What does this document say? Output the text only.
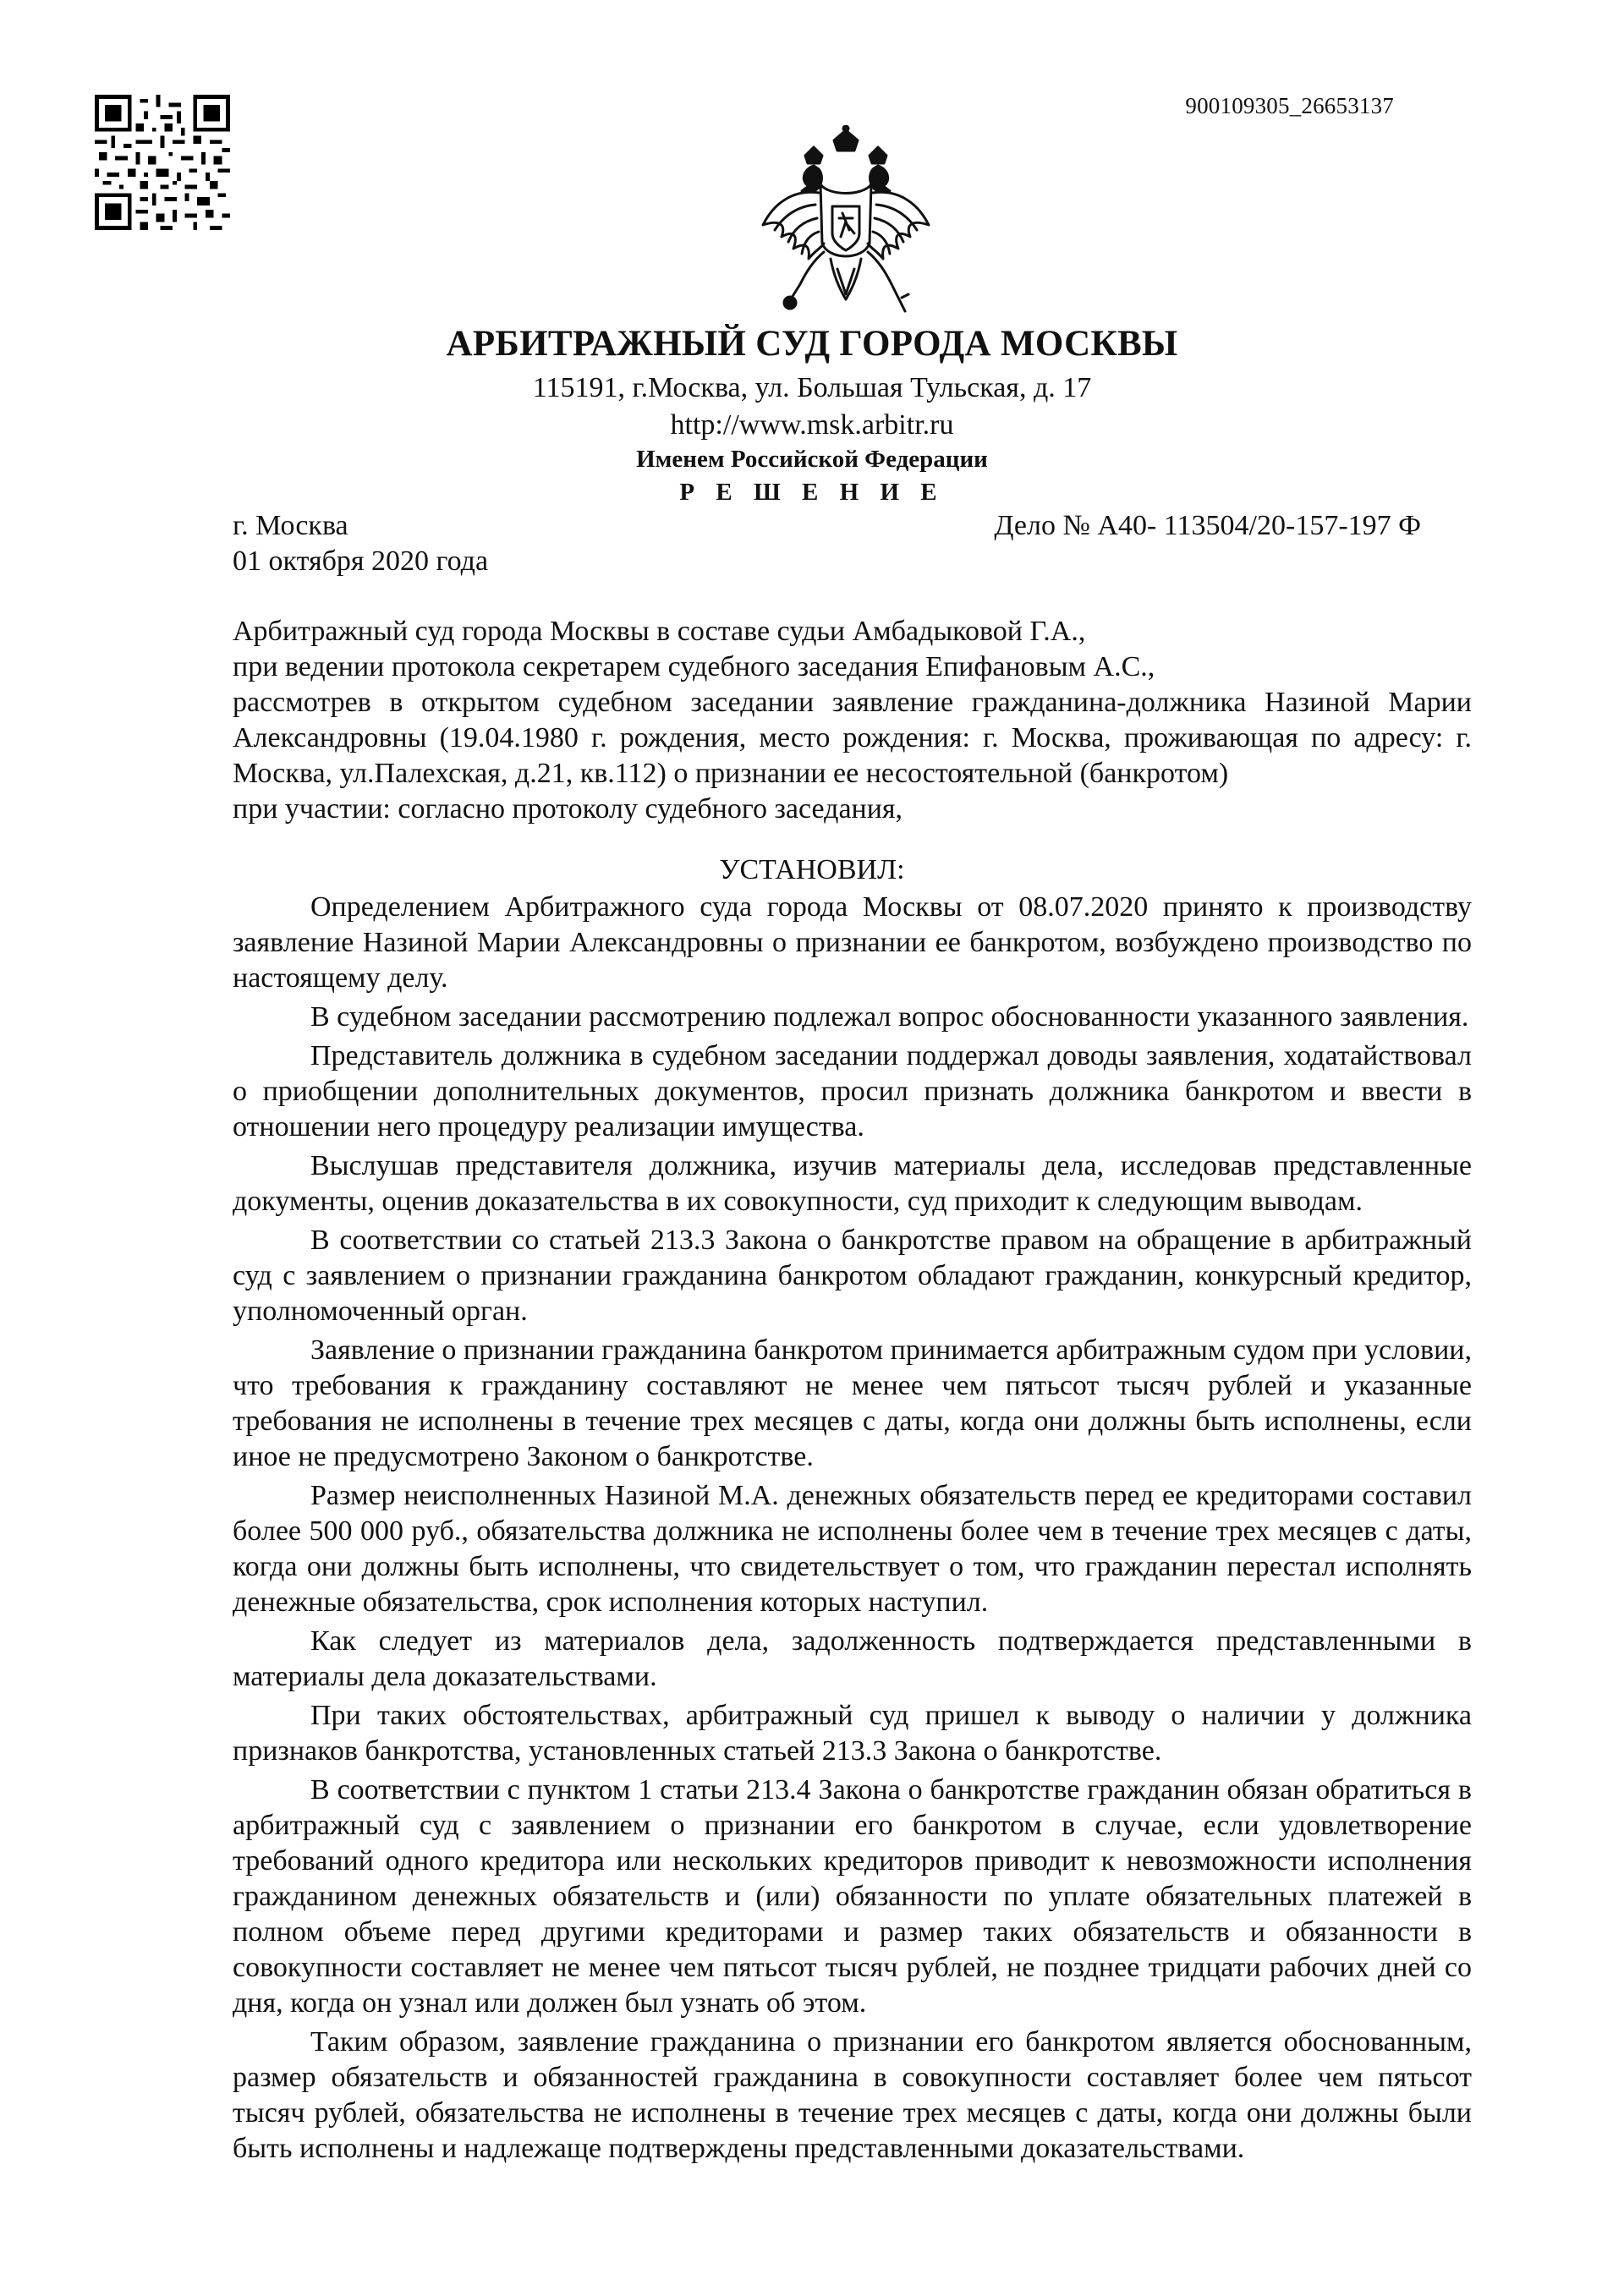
900109305_26653137
АРБИТРАЖНЫЙ СУД ГОРОДА МОСКВЫ
115191, г.Москва, ул. Большая Тульская, д. 17
http://www.msk.arbitr.ru
Именем Российской Федерации
Р Е Ш Е Н И Е
г. Москва	Дело № А40- 113504/20-157-197 Ф
01 октября 2020 года

Арбитражный суд города Москвы в составе судьи Амбадыковой Г.А.,

при ведении протокола секретарем судебного заседания Епифановым А.С.,

рассмотрев в открытом судебном заседании заявление гражданина-должника Назиной Марии Александровны (19.04.1980 г. рождения, место рождения: г. Москва, проживающая по адресу: г. Москва, ул.Палехская, д.21, кв.112) о признании ее несостоятельной (банкротом)

при участии: согласно протоколу судебного заседания,

УСТАНОВИЛ:

Определением Арбитражного суда города Москвы от 08.07.2020 принято к производству заявление Назиной Марии Александровны о признании ее банкротом, возбуждено производство по настоящему делу.

В судебном заседании рассмотрению подлежал вопрос обоснованности указанного заявления.

Представитель должника в судебном заседании поддержал доводы заявления, ходатайствовал о приобщении дополнительных документов, просил признать должника банкротом и ввести в отношении него процедуру реализации имущества.

Выслушав представителя должника, изучив материалы дела, исследовав представленные документы, оценив доказательства в их совокупности, суд приходит к следующим выводам.

В соответствии со статьей 213.3 Закона о банкротстве правом на обращение в арбитражный суд с заявлением о признании гражданина банкротом обладают гражданин, конкурсный кредитор, уполномоченный орган.

Заявление о признании гражданина банкротом принимается арбитражным судом при условии, что требования к гражданину составляют не менее чем пятьсот тысяч рублей и указанные требования не исполнены в течение трех месяцев с даты, когда они должны быть исполнены, если иное не предусмотрено Законом о банкротстве.

Размер неисполненных Назиной М.А. денежных обязательств перед ее кредиторами составил более 500 000 руб., обязательства должника не исполнены более чем в течение трех месяцев с даты, когда они должны быть исполнены, что свидетельствует о том, что гражданин перестал исполнять денежные обязательства, срок исполнения которых наступил.

Как следует из материалов дела, задолженность подтверждается представленными в материалы дела доказательствами.

При таких обстоятельствах, арбитражный суд пришел к выводу о наличии у должника признаков банкротства, установленных статьей 213.3 Закона о банкротстве.

В соответствии с пунктом 1 статьи 213.4 Закона о банкротстве гражданин обязан обратиться в арбитражный суд с заявлением о признании его банкротом в случае, если удовлетворение требований одного кредитора или нескольких кредиторов приводит к невозможности исполнения гражданином денежных обязательств и (или) обязанности по уплате обязательных платежей в полном объеме перед другими кредиторами и размер таких обязательств и обязанности в совокупности составляет не менее чем пятьсот тысяч рублей, не позднее тридцати рабочих дней со дня, когда он узнал или должен был узнать об этом.

Таким образом, заявление гражданина о признании его банкротом является обоснованным, размер обязательств и обязанностей гражданина в совокупности составляет более чем пятьсот тысяч рублей, обязательства не исполнены в течение трех месяцев с даты, когда они должны были быть исполнены и надлежаще подтверждены представленными доказательствами.
